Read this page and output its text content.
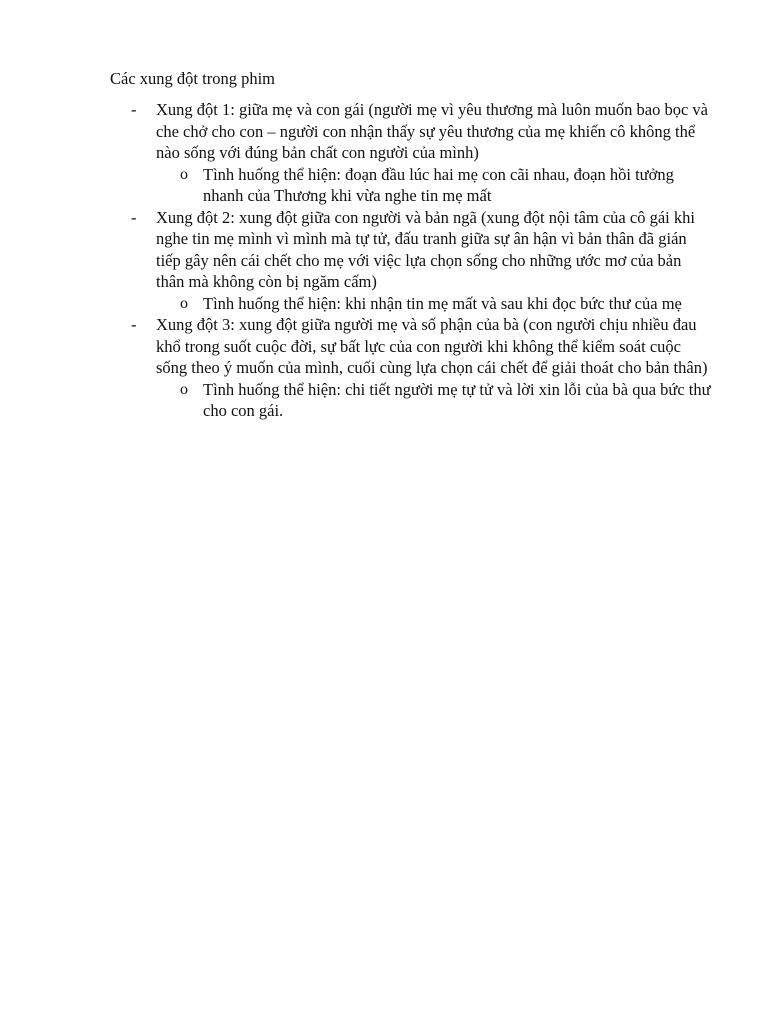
Các xung đột trong phim

- Xung đột 1: giữa mẹ và con gái (người mẹ vì yêu thương mà luôn muốn bao bọc và che chở cho con – người con nhận thấy sự yêu thương của mẹ khiến cô không thể nào sống với đúng bản chất con người của mình)
o Tình huống thể hiện: đoạn đầu lúc hai mẹ con cãi nhau, đoạn hồi tưởng nhanh của Thương khi vừa nghe tin mẹ mất
- Xung đột 2: xung đột giữa con người và bản ngã (xung đột nội tâm của cô gái khi nghe tin mẹ mình vì mình mà tự tử, đấu tranh giữa sự ân hận vì bản thân đã gián tiếp gây nên cái chết cho mẹ với việc lựa chọn sống cho những ước mơ của bản thân mà không còn bị ngăm cấm)
o Tình huống thể hiện: khi nhận tin mẹ mất và sau khi đọc bức thư của mẹ
- Xung đột 3: xung đột giữa người mẹ và số phận của bà (con người chịu nhiều đau khổ trong suốt cuộc đời, sự bất lực của con người khi không thể kiểm soát cuộc sống theo ý muốn của mình, cuối cùng lựa chọn cái chết để giải thoát cho bản thân)
o Tình huống thể hiện: chi tiết người mẹ tự tử và lời xin lỗi của bà qua bức thư cho con gái.
